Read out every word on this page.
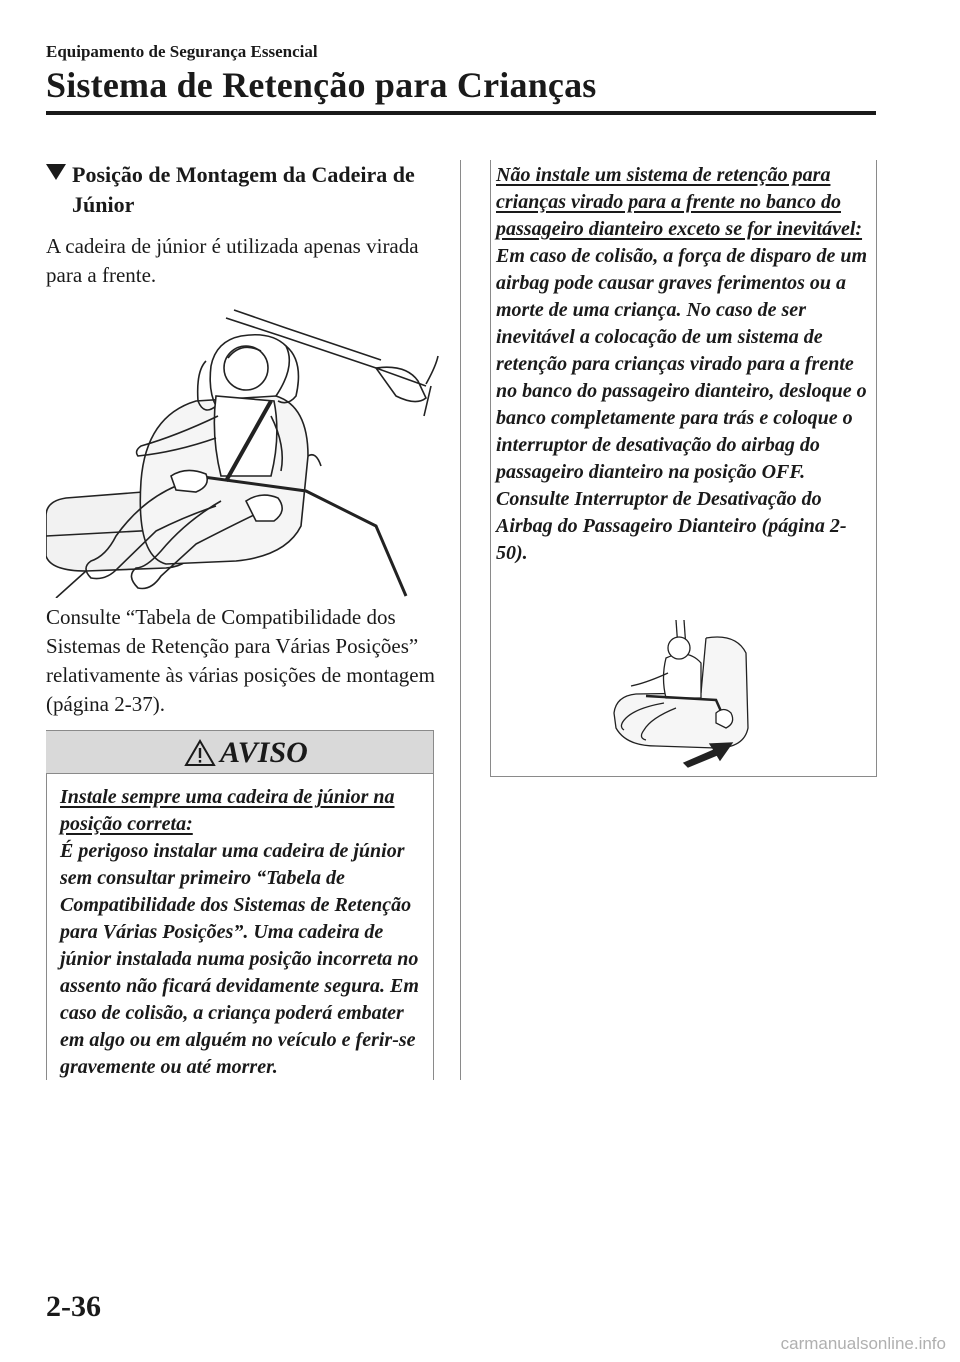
Equipamento de Segurança Essencial
Sistema de Retenção para Crianças
Posição de Montagem da Cadeira de
Júnior
A cadeira de júnior é utilizada apenas virada para a frente.
Consulte “Tabela de Compatibilidade dos Sistemas de Retenção para Várias Posições” relativamente às várias posições de montagem (página 2-37).
AVISO
Instale sempre uma cadeira de júnior na posição correta:
É perigoso instalar uma cadeira de júnior sem consultar primeiro “Tabela de Compatibilidade dos Sistemas de Retenção para Várias Posições”. Uma cadeira de júnior instalada numa posição incorreta no assento não ficará devidamente segura. Em caso de colisão, a criança poderá embater em algo ou em alguém no veículo e ferir-se gravemente ou até morrer.
Não instale um sistema de retenção para crianças virado para a frente no banco do passageiro dianteiro exceto se for inevitável:
Em caso de colisão, a força de disparo de um airbag pode causar graves ferimentos ou a morte de uma criança. No caso de ser inevitável a colocação de um sistema de retenção para crianças virado para a frente no banco do passageiro dianteiro, desloque o banco completamente para trás e coloque o interruptor de desativação do airbag do passageiro dianteiro na posição OFF. Consulte Interruptor de Desativação do Airbag do Passageiro Dianteiro (página 2-50).
2-36
carmanualsonline.info
